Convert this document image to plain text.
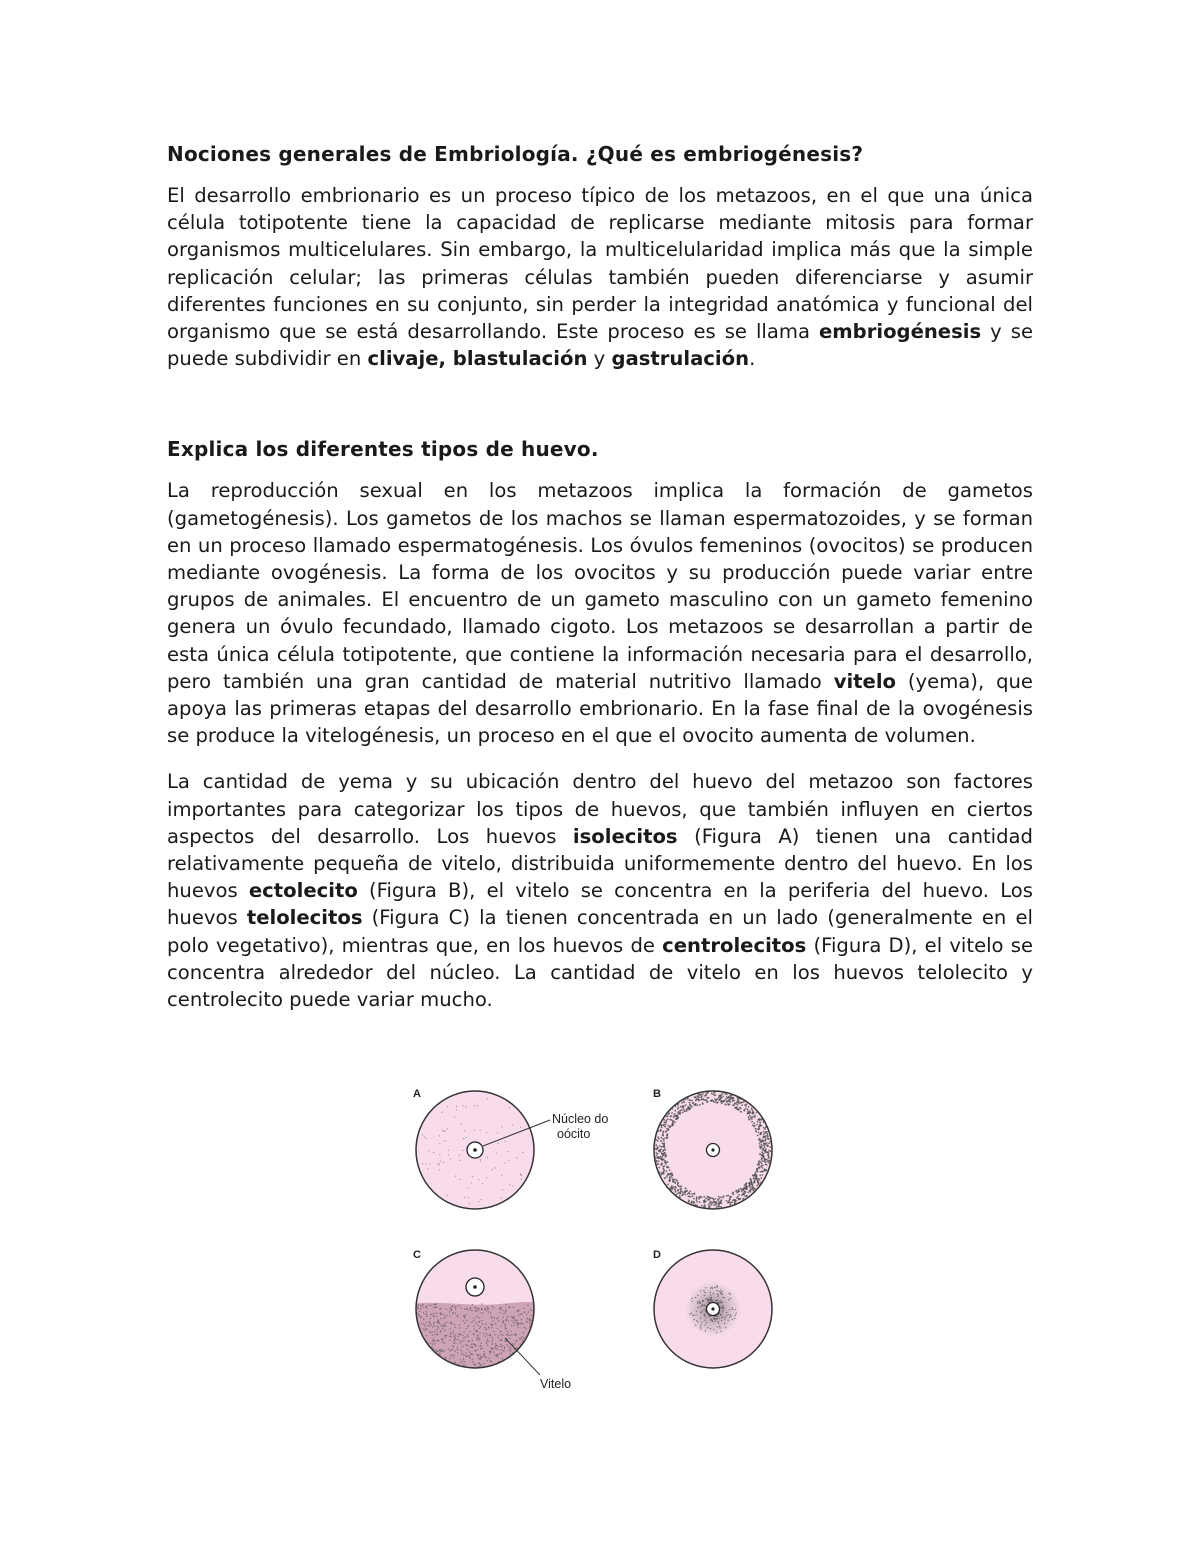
Nociones generales de Embriología. ¿Qué es embriogénesis?

El desarrollo embrionario es un proceso típico de los metazoos, en el que una única célula totipotente tiene la capacidad de replicarse mediante mitosis para formar organismos multicelulares. Sin embargo, la multicelularidad implica más que la simple replicación celular; las primeras células también pueden diferenciarse y asumir diferentes funciones en su conjunto, sin perder la integridad anatómica y funcional del organismo que se está desarrollando. Este proceso es se llama embriogénesis y se puede subdividir en clivaje, blastulación y gastrulación.

Explica los diferentes tipos de huevo.

La reproducción sexual en los metazoos implica la formación de gametos (gametogénesis). Los gametos de los machos se llaman espermatozoides, y se forman en un proceso llamado espermatogénesis. Los óvulos femeninos (ovocitos) se producen mediante ovogénesis. La forma de los ovocitos y su producción puede variar entre grupos de animales. El encuentro de un gameto masculino con un gameto femenino genera un óvulo fecundado, llamado cigoto. Los metazoos se desarrollan a partir de esta única célula totipotente, que contiene la información necesaria para el desarrollo, pero también una gran cantidad de material nutritivo llamado vitelo (yema), que apoya las primeras etapas del desarrollo embrionario. En la fase final de la ovogénesis se produce la vitelogénesis, un proceso en el que el ovocito aumenta de volumen.

La cantidad de yema y su ubicación dentro del huevo del metazoo son factores importantes para categorizar los tipos de huevos, que también influyen en ciertos aspectos del desarrollo. Los huevos isolecitos (Figura A) tienen una cantidad relativamente pequeña de vitelo, distribuida uniformemente dentro del huevo. En los huevos ectolecito (Figura B), el vitelo se concentra en la periferia del huevo. Los huevos telolecitos (Figura C) la tienen concentrada en un lado (generalmente en el polo vegetativo), mientras que, en los huevos de centrolecitos (Figura D), el vitelo se concentra alrededor del núcleo. La cantidad de vitelo en los huevos telolecito y centrolecito puede variar mucho.

A
Núcleo do
oócito
B
C
Vitelo
D
